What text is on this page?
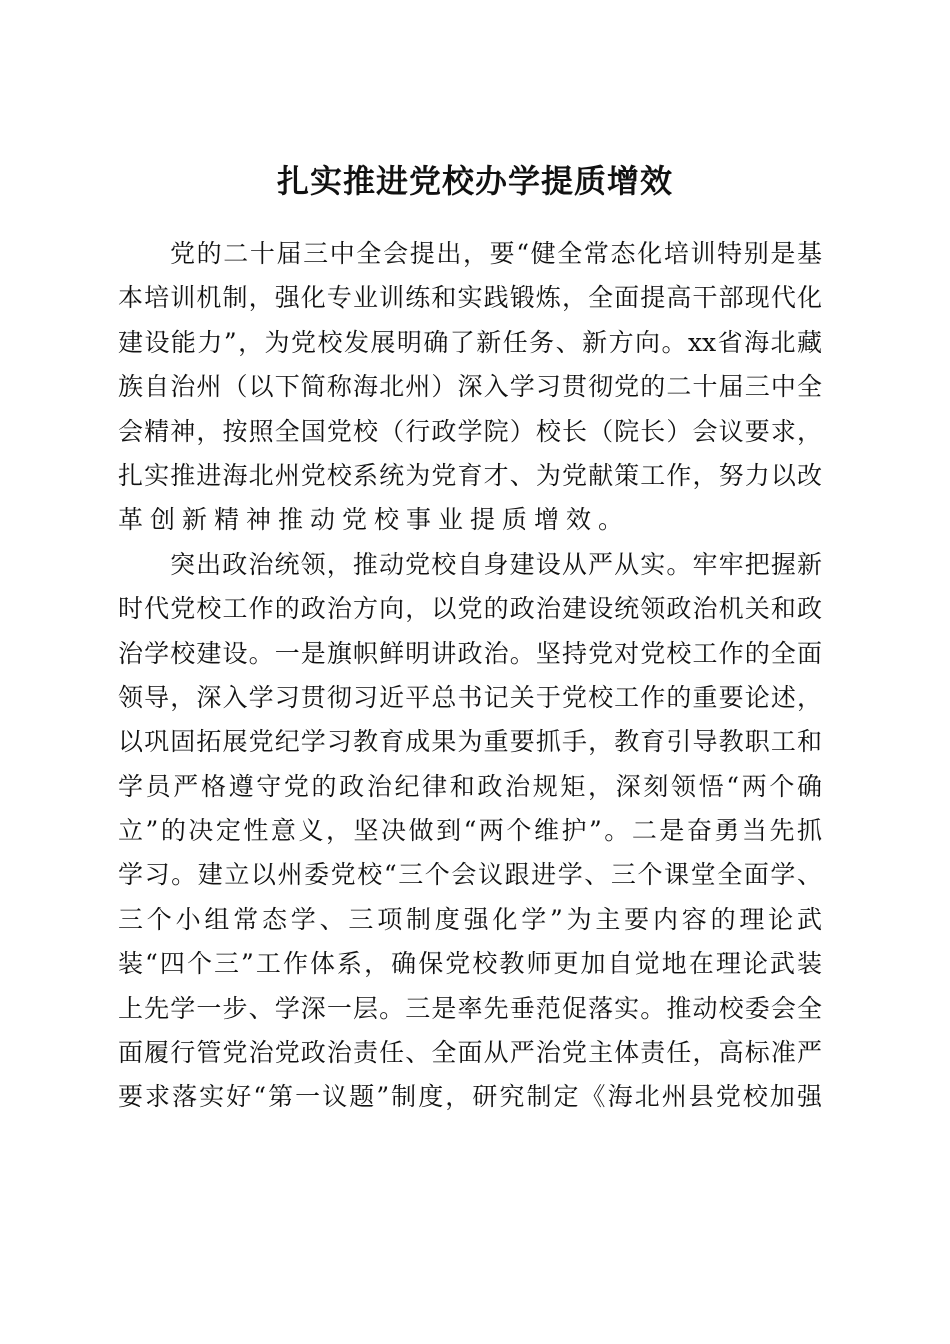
扎实推进党校办学提质增效
党的二十届三中全会提出，要“健全常态化培训特别是基
本培训机制，强化专业训练和实践锻炼，全面提高干部现代化
建设能力”，为党校发展明确了新任务、新方向。xx省海北藏
族自治州（以下简称海北州）深入学习贯彻党的二十届三中全
会精神，按照全国党校（行政学院）校长（院长）会议要求，
扎实推进海北州党校系统为党育才、为党献策工作，努力以改
革创新精神推动党校事业提质增效。
突出政治统领，推动党校自身建设从严从实。牢牢把握新
时代党校工作的政治方向，以党的政治建设统领政治机关和政
治学校建设。一是旗帜鲜明讲政治。坚持党对党校工作的全面
领导，深入学习贯彻习近平总书记关于党校工作的重要论述，
以巩固拓展党纪学习教育成果为重要抓手，教育引导教职工和
学员严格遵守党的政治纪律和政治规矩，深刻领悟“两个确
立”的决定性意义，坚决做到“两个维护”。二是奋勇当先抓
学习。建立以州委党校“三个会议跟进学、三个课堂全面学、
三个小组常态学、三项制度强化学”为主要内容的理论武
装“四个三”工作体系，确保党校教师更加自觉地在理论武装
上先学一步、学深一层。三是率先垂范促落实。推动校委会全
面履行管党治党政治责任、全面从严治党主体责任，高标准严
要求落实好“第一议题”制度，研究制定《海北州县党校加强
